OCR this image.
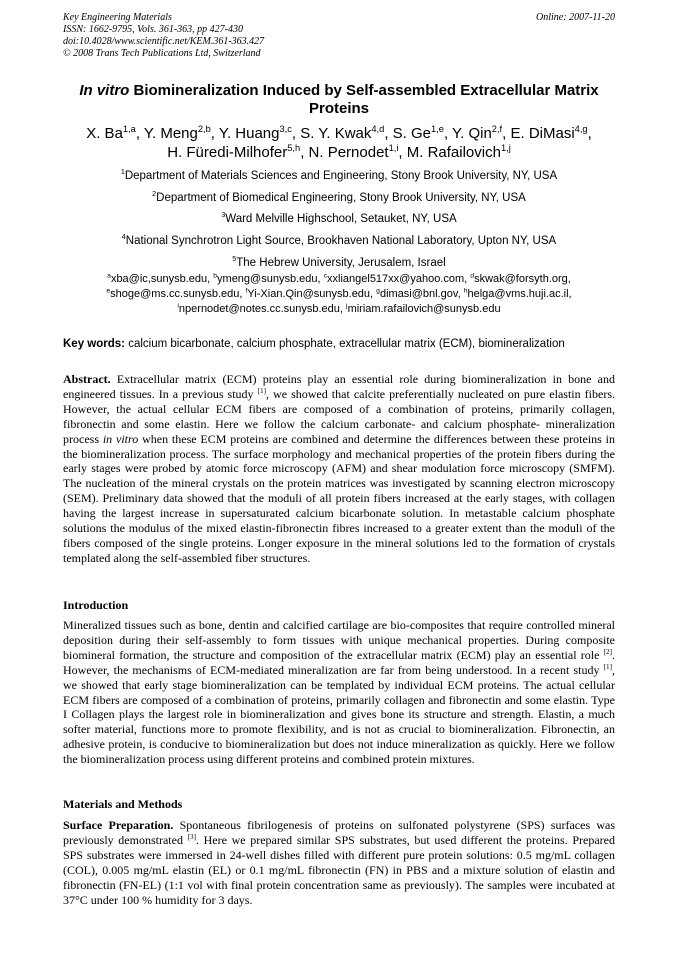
Key Engineering Materials
ISSN: 1662-9795, Vols. 361-363, pp 427-430
doi:10.4028/www.scientific.net/KEM.361-363.427
© 2008 Trans Tech Publications Ltd, Switzerland
Online: 2007-11-20
In vitro Biomineralization Induced by Self-assembled Extracellular Matrix Proteins
X. Ba$^{1,a}$, Y. Meng$^{2,b}$, Y. Huang$^{3,c}$, S. Y. Kwak$^{4,d}$, S. Ge$^{1,e}$, Y. Qin$^{2,f}$, E. DiMasi$^{4,g}$,
H. Füredi-Milhofer$^{5,h}$, N. Pernodet$^{1,i}$, M. Rafailovich$^{1,j}$
$^1$Department of Materials Sciences and Engineering, Stony Brook University, NY, USA
$^2$Department of Biomedical Engineering, Stony Brook University, NY, USA
$^3$Ward Melville Highschool, Setauket, NY, USA
$^4$National Synchrotron Light Source, Brookhaven National Laboratory, Upton NY, USA
$^5$The Hebrew University, Jerusalem, Israel
$^a$xba@ic,sunysb.edu, $^b$ymeng@sunysb.edu, $^c$xxliangel517xx@yahoo.com, $^d$skwak@forsyth.org,
$^e$shoge@ms.cc.sunysb.edu, $^f$Yi-Xian.Qin@sunysb.edu, $^g$dimasi@bnl.gov, $^h$helga@vms.huji.ac.il,
$^i$npernodet@notes.cc.sunysb.edu, $^j$miriam.rafailovich@sunysb.edu
Key words: calcium bicarbonate, calcium phosphate, extracellular matrix (ECM), biomineralization
Abstract. Extracellular matrix (ECM) proteins play an essential role during biomineralization in bone and engineered tissues. In a previous study [1], we showed that calcite preferentially nucleated on pure elastin fibers. However, the actual cellular ECM fibers are composed of a combination of proteins, primarily collagen, fibronectin and some elastin. Here we follow the calcium carbonate- and calcium phosphate- mineralization process in vitro when these ECM proteins are combined and determine the differences between these proteins in the biomineralization process. The surface morphology and mechanical properties of the protein fibers during the early stages were probed by atomic force microscopy (AFM) and shear modulation force microscopy (SMFM). The nucleation of the mineral crystals on the protein matrices was investigated by scanning electron microscopy (SEM). Preliminary data showed that the moduli of all protein fibers increased at the early stages, with collagen having the largest increase in supersaturated calcium bicarbonate solution. In metastable calcium phosphate solutions the modulus of the mixed elastin-fibronectin fibres increased to a greater extent than the moduli of the fibers composed of the single proteins. Longer exposure in the mineral solutions led to the formation of crystals templated along the self-assembled fiber structures.
Introduction
Mineralized tissues such as bone, dentin and calcified cartilage are bio-composites that require controlled mineral deposition during their self-assembly to form tissues with unique mechanical properties. During composite biomineral formation, the structure and composition of the extracellular matrix (ECM) play an essential role [2]. However, the mechanisms of ECM-mediated mineralization are far from being understood. In a recent study [1], we showed that early stage biomineralization can be templated by individual ECM proteins. The actual cellular ECM fibers are composed of a combination of proteins, primarily collagen and fibronectin and some elastin. Type I Collagen plays the largest role in biomineralization and gives bone its structure and strength. Elastin, a much softer material, functions more to promote flexibility, and is not as crucial to biomineralization. Fibronectin, an adhesive protein, is conducive to biomineralization but does not induce mineralization as quickly. Here we follow the biomineralization process using different proteins and combined protein mixtures.
Materials and Methods
Surface Preparation. Spontaneous fibrilogenesis of proteins on sulfonated polystyrene (SPS) surfaces was previously demonstrated [3]. Here we prepared similar SPS substrates, but used different the proteins. Prepared SPS substrates were immersed in 24-well dishes filled with different pure protein solutions: 0.5 mg/mL collagen (COL), 0.005 mg/mL elastin (EL) or 0.1 mg/mL fibronectin (FN) in PBS and a mixture solution of elastin and fibronectin (FN-EL) (1:1 vol with final protein concentration same as previously). The samples were incubated at 37°C under 100 % humidity for 3 days.
